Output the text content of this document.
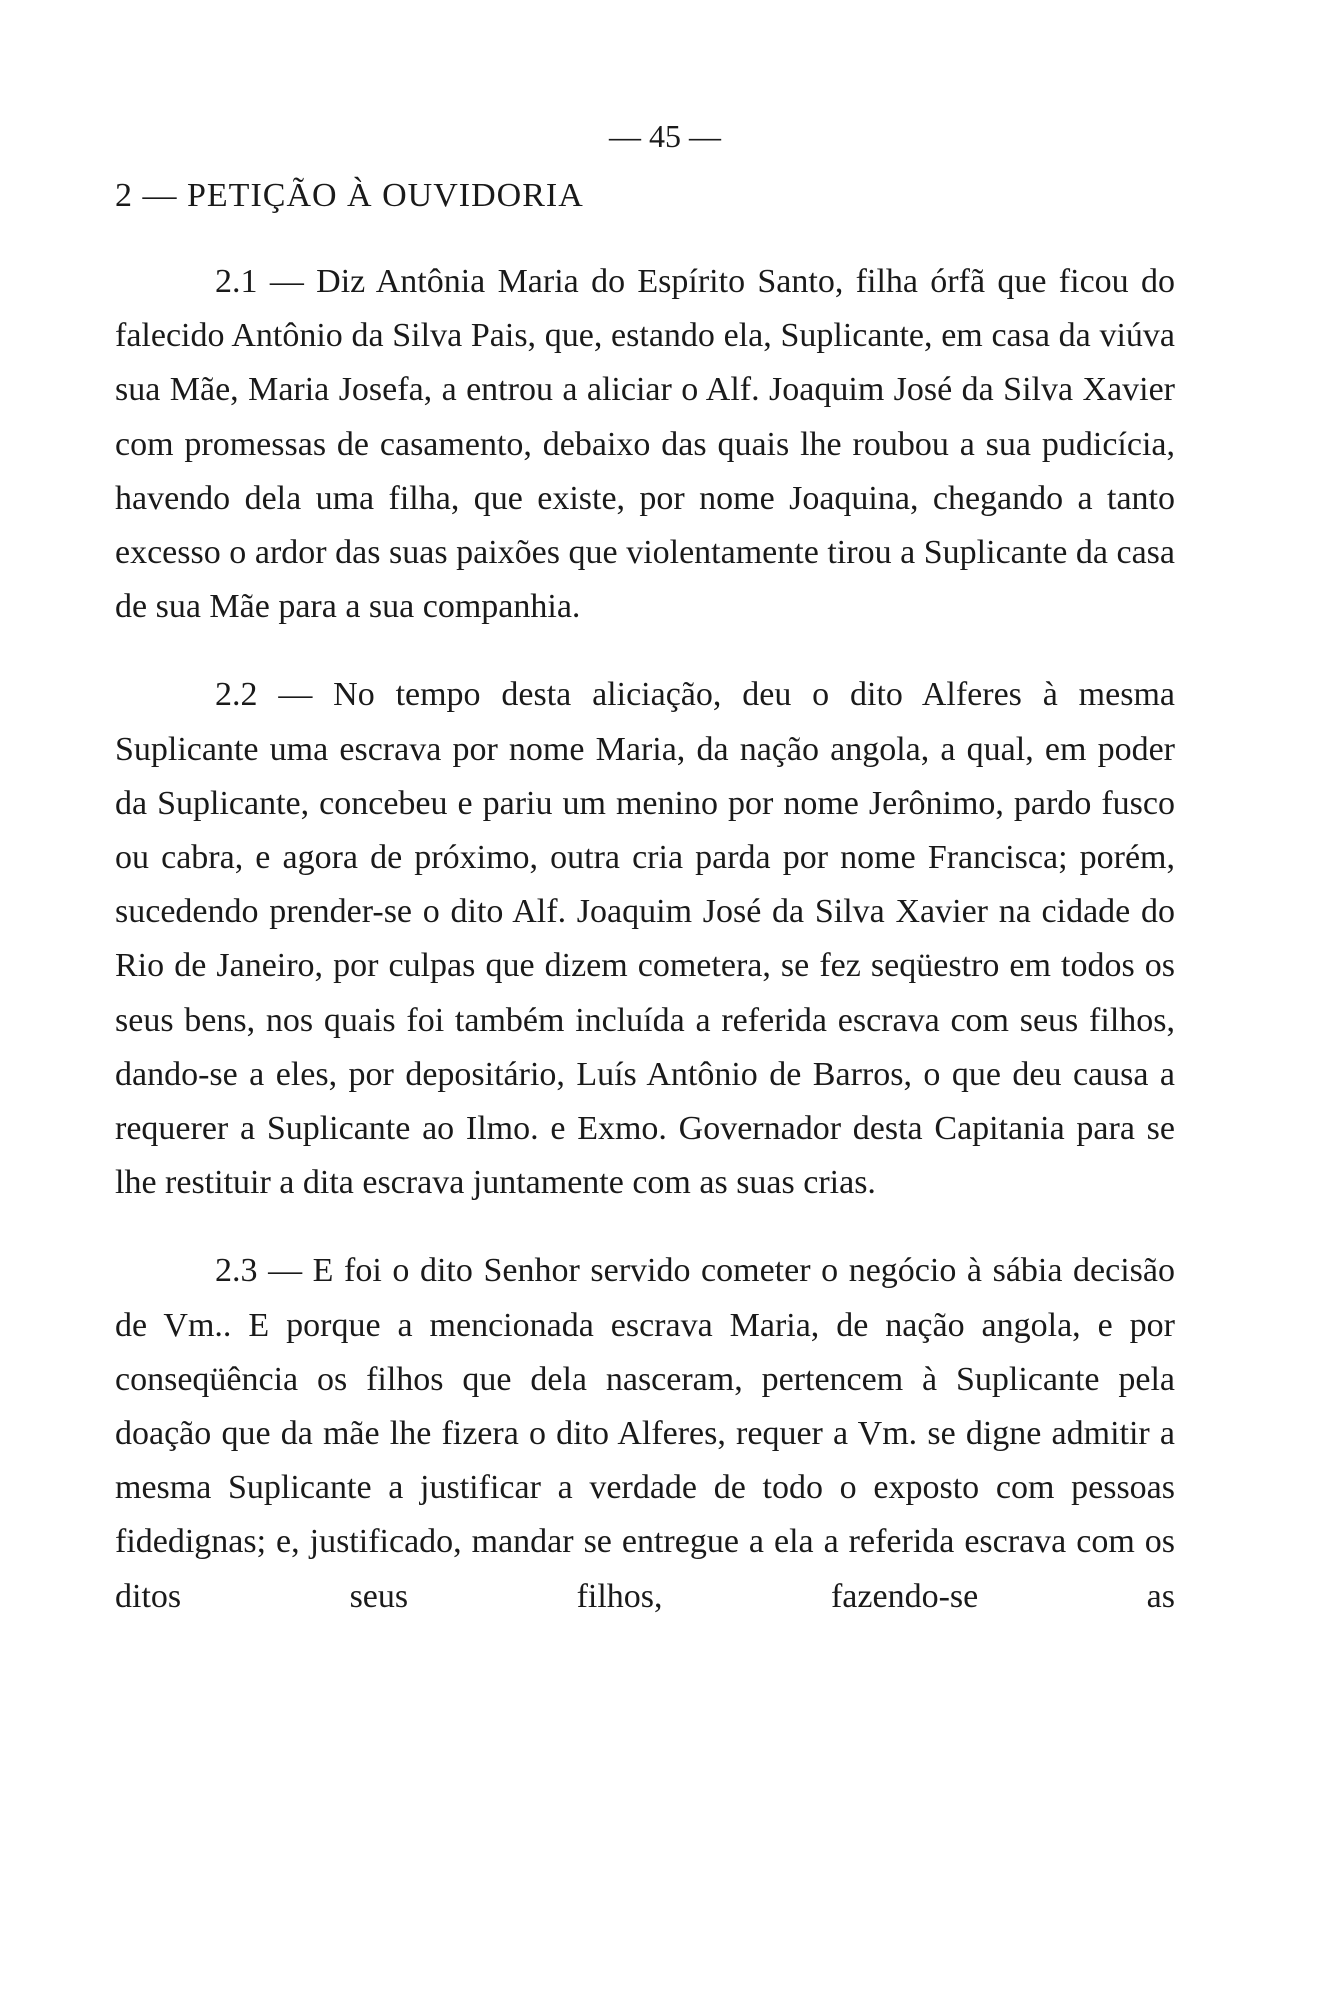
— 45 —
2 — PETIÇÃO À OUVIDORIA

2.1 — Diz Antônia Maria do Espírito Santo, filha órfã que ficou do falecido Antônio da Silva Pais, que, estando ela, Suplicante, em casa da viúva sua Mãe, Maria Josefa, a entrou a aliciar o Alf. Joaquim José da Silva Xavier com promessas de casamento, debaixo das quais lhe roubou a sua pudicícia, havendo dela uma filha, que existe, por nome Joaquina, chegando a tanto excesso o ardor das suas paixões que violentamente tirou a Suplicante da casa de sua Mãe para a sua companhia.

2.2 — No tempo desta aliciação, deu o dito Alferes à mesma Suplicante uma escrava por nome Maria, da nação angola, a qual, em poder da Suplicante, concebeu e pariu um menino por nome Jerônimo, pardo fusco ou cabra, e agora de próximo, outra cria parda por nome Francisca; porém, sucedendo prender-se o dito Alf. Joaquim José da Silva Xavier na cidade do Rio de Janeiro, por culpas que dizem cometera, se fez seqüestro em todos os seus bens, nos quais foi também incluída a referida escrava com seus filhos, dando-se a eles, por depositário, Luís Antônio de Barros, o que deu causa a requerer a Suplicante ao Ilmo. e Exmo. Governador desta Capitania para se lhe restituir a dita escrava juntamente com as suas crias.

2.3 — E foi o dito Senhor servido cometer o negócio à sábia decisão de Vm.. E porque a mencionada escrava Maria, de nação angola, e por conseqüência os filhos que dela nasceram, pertencem à Suplicante pela doação que da mãe lhe fizera o dito Alferes, requer a Vm. se digne admitir a mesma Suplicante a justificar a verdade de todo o exposto com pessoas fidedignas; e, justificado, mandar se entregue a ela a referida escrava com os ditos seus filhos, fazendo-se as
